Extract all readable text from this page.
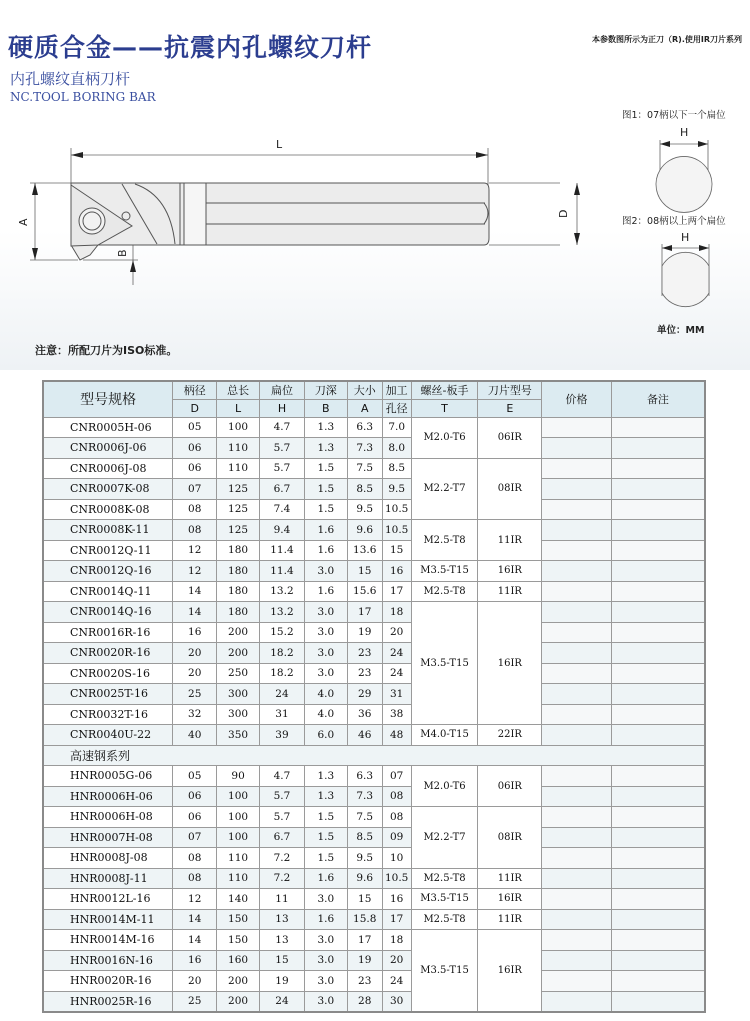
硬质合金——抗震内孔螺纹刀杆
内孔螺纹直柄刀杆
NC.TOOL BORING BAR
本参数图所示为正刀（R).使用IR刀片系列
L
A
B
D
H
H
图1：07柄以下一个扁位
图2：08柄以上两个扁位
单位：MM
注意：所配刀片为ISO标准。
型号规格	柄径	总长	扁位	刀深	大小	加工	螺丝-板手	刀片型号	价格	备注
	D	L	H	B	A	孔径	T	E		
CNR0005H-06	05	100	4.7	1.3	6.3	7.0	M2.0-T6	06IR		
CNR0006J-06	06	110	5.7	1.3	7.3	8.0				
CNR0006J-08	06	110	5.7	1.5	7.5	8.5	M2.2-T7	08IR		
CNR0007K-08	07	125	6.7	1.5	8.5	9.5				
CNR0008K-08	08	125	7.4	1.5	9.5	10.5				
CNR0008K-11	08	125	9.4	1.6	9.6	10.5	M2.5-T8	11IR		
CNR0012Q-11	12	180	11.4	1.6	13.6	15				
CNR0012Q-16	12	180	11.4	3.0	15	16	M3.5-T15	16IR		
CNR0014Q-11	14	180	13.2	1.6	15.6	17	M2.5-T8	11IR		
CNR0014Q-16	14	180	13.2	3.0	17	18	M3.5-T15	16IR		
CNR0016R-16	16	200	15.2	3.0	19	20				
CNR0020R-16	20	200	18.2	3.0	23	24				
CNR0020S-16	20	250	18.2	3.0	23	24				
CNR0025T-16	25	300	24	4.0	29	31				
CNR0032T-16	32	300	31	4.0	36	38				
CNR0040U-22	40	350	39	6.0	46	48	M4.0-T15	22IR		
高速钢系列										
HNR0005G-06	05	90	4.7	1.3	6.3	07	M2.0-T6	06IR		
HNR0006H-06	06	100	5.7	1.3	7.3	08				
HNR0006H-08	06	100	5.7	1.5	7.5	08	M2.2-T7	08IR		
HNR0007H-08	07	100	6.7	1.5	8.5	09				
HNR0008J-08	08	110	7.2	1.5	9.5	10				
HNR0008J-11	08	110	7.2	1.6	9.6	10.5	M2.5-T8	11IR		
HNR0012L-16	12	140	11	3.0	15	16	M3.5-T15	16IR		
HNR0014M-11	14	150	13	1.6	15.8	17	M2.5-T8	11IR		
HNR0014M-16	14	150	13	3.0	17	18	M3.5-T15	16IR		
HNR0016N-16	16	160	15	3.0	19	20				
HNR0020R-16	20	200	19	3.0	23	24				
HNR0025R-16	25	200	24	3.0	28	30				
